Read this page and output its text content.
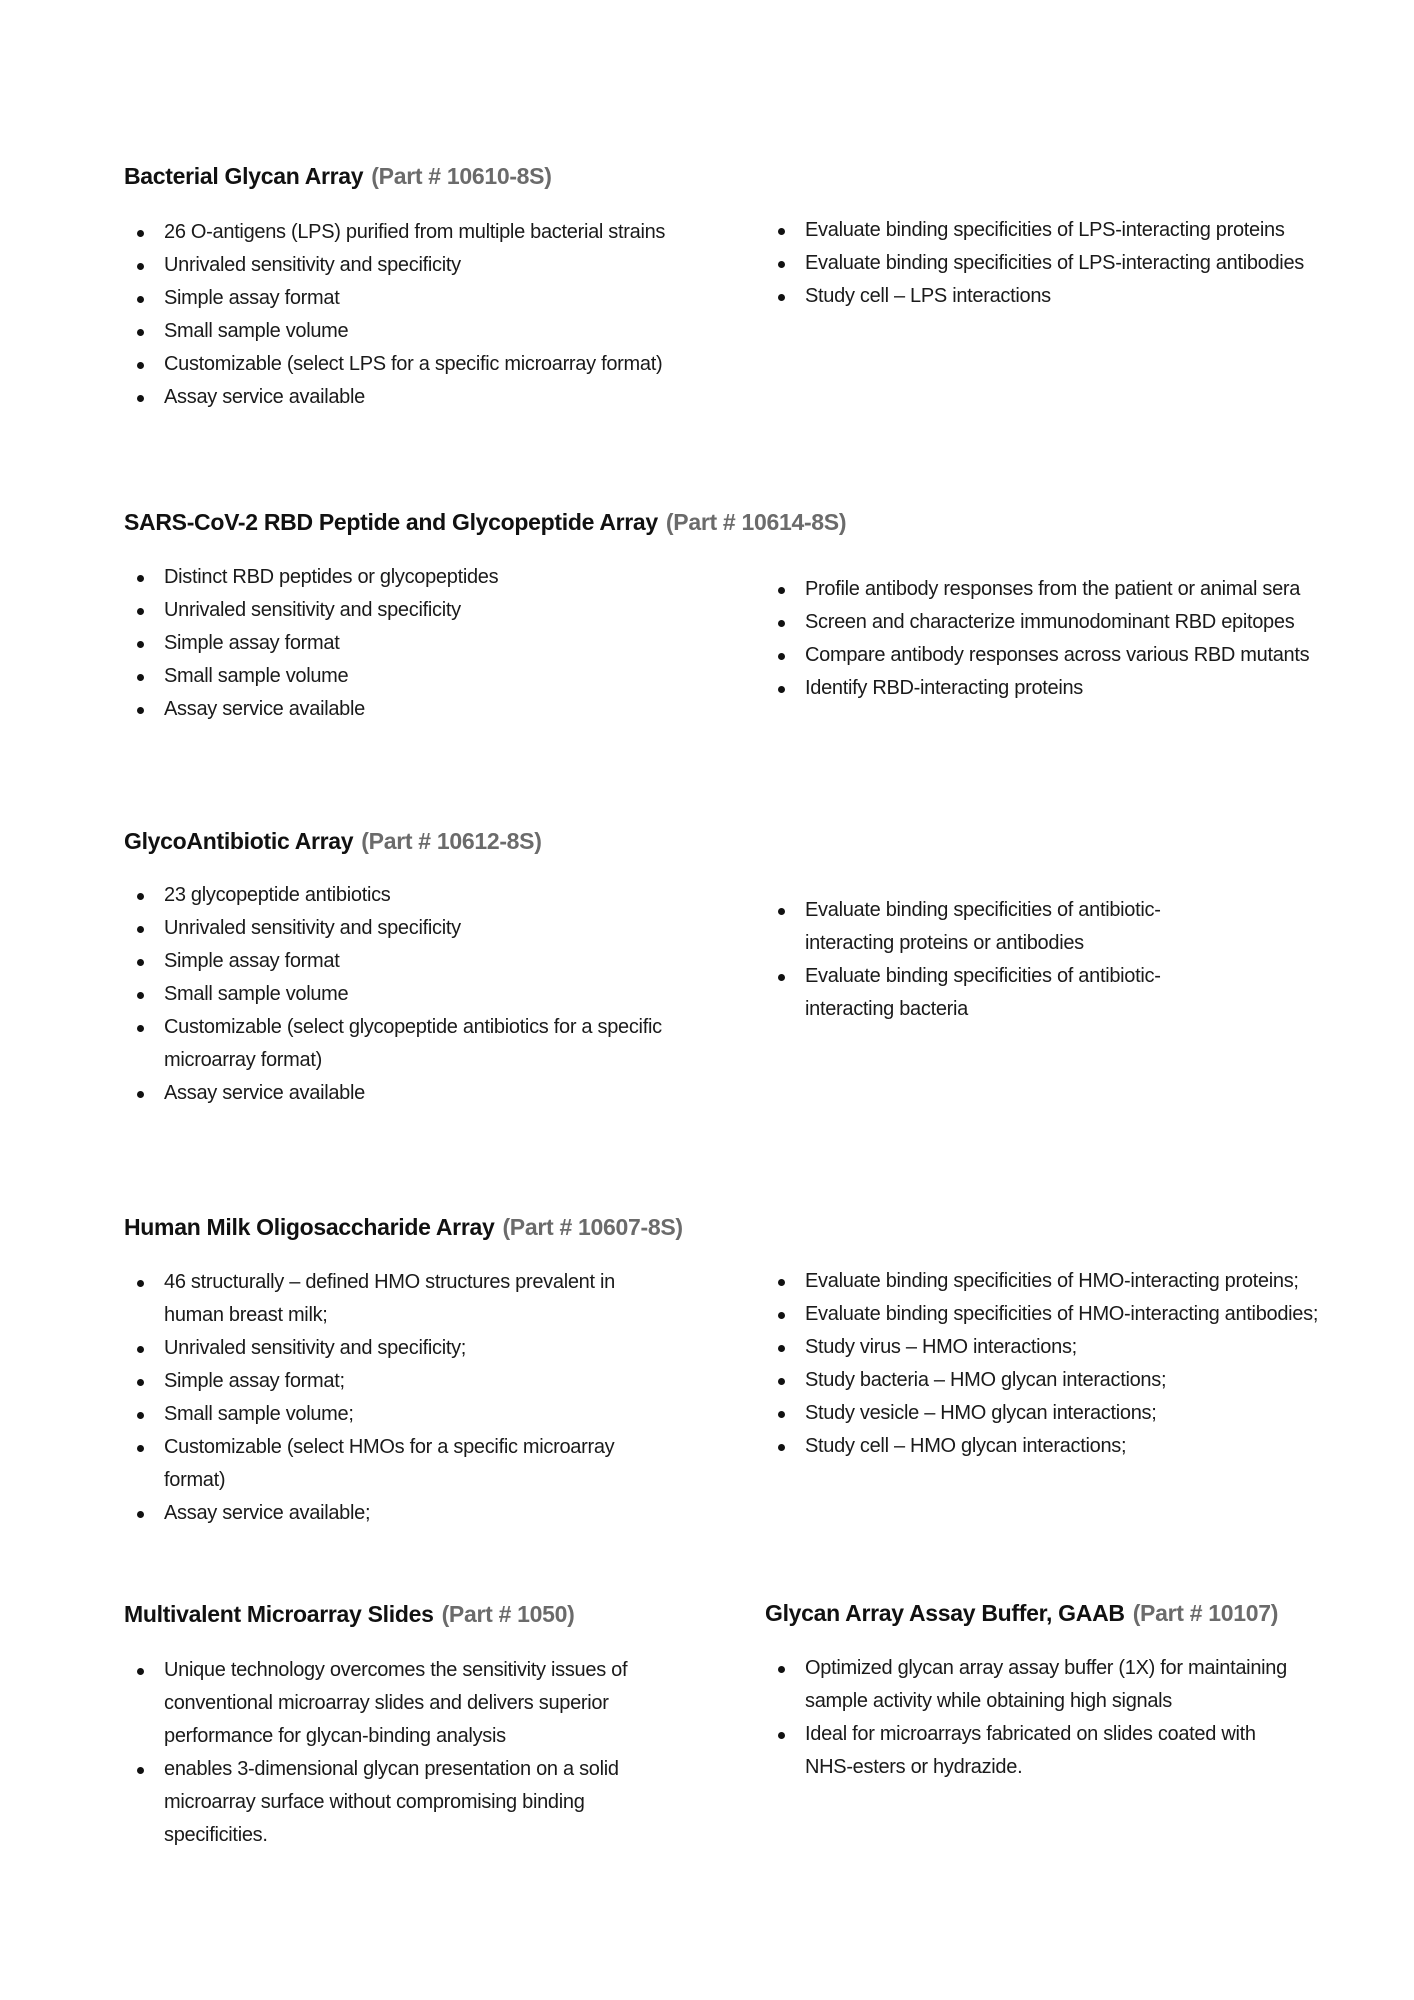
Bacterial Glycan Array (Part # 10610-8S)
26 O-antigens (LPS) purified from multiple bacterial strains
Unrivaled sensitivity and specificity
Simple assay format
Small sample volume
Customizable (select LPS for a specific microarray format)
Assay service available
Evaluate binding specificities of LPS-interacting proteins
Evaluate binding specificities of LPS-interacting antibodies
Study cell – LPS interactions
SARS-CoV-2 RBD Peptide and Glycopeptide Array (Part # 10614-8S)
Distinct RBD peptides or glycopeptides
Unrivaled sensitivity and specificity
Simple assay format
Small sample volume
Assay service available
Profile antibody responses from the patient or animal sera
Screen and characterize immunodominant RBD epitopes
Compare antibody responses across various RBD mutants
Identify RBD-interacting proteins
GlycoAntibiotic Array (Part # 10612-8S)
23 glycopeptide antibiotics
Unrivaled sensitivity and specificity
Simple assay format
Small sample volume
Customizable (select glycopeptide antibiotics for a specific microarray format)
Assay service available
Evaluate binding specificities of antibiotic-interacting proteins or antibodies
Evaluate binding specificities of antibiotic-interacting bacteria
Human Milk Oligosaccharide Array (Part # 10607-8S)
46 structurally – defined HMO structures prevalent in human breast milk;
Unrivaled sensitivity and specificity;
Simple assay format;
Small sample volume;
Customizable (select HMOs for a specific microarray format)
Assay service available;
Evaluate binding specificities of HMO-interacting proteins;
Evaluate binding specificities of HMO-interacting antibodies;
Study virus – HMO interactions;
Study bacteria – HMO glycan interactions;
Study vesicle – HMO glycan interactions;
Study cell – HMO glycan interactions;
Multivalent Microarray Slides (Part # 1050)
Unique technology overcomes the sensitivity issues of conventional microarray slides and delivers superior performance for glycan-binding analysis
enables 3-dimensional glycan presentation on a solid microarray surface without compromising binding specificities.
Glycan Array Assay Buffer, GAAB (Part # 10107)
Optimized glycan array assay buffer (1X) for maintaining sample activity while obtaining high signals
Ideal for microarrays fabricated on slides coated with NHS-esters or hydrazide.
